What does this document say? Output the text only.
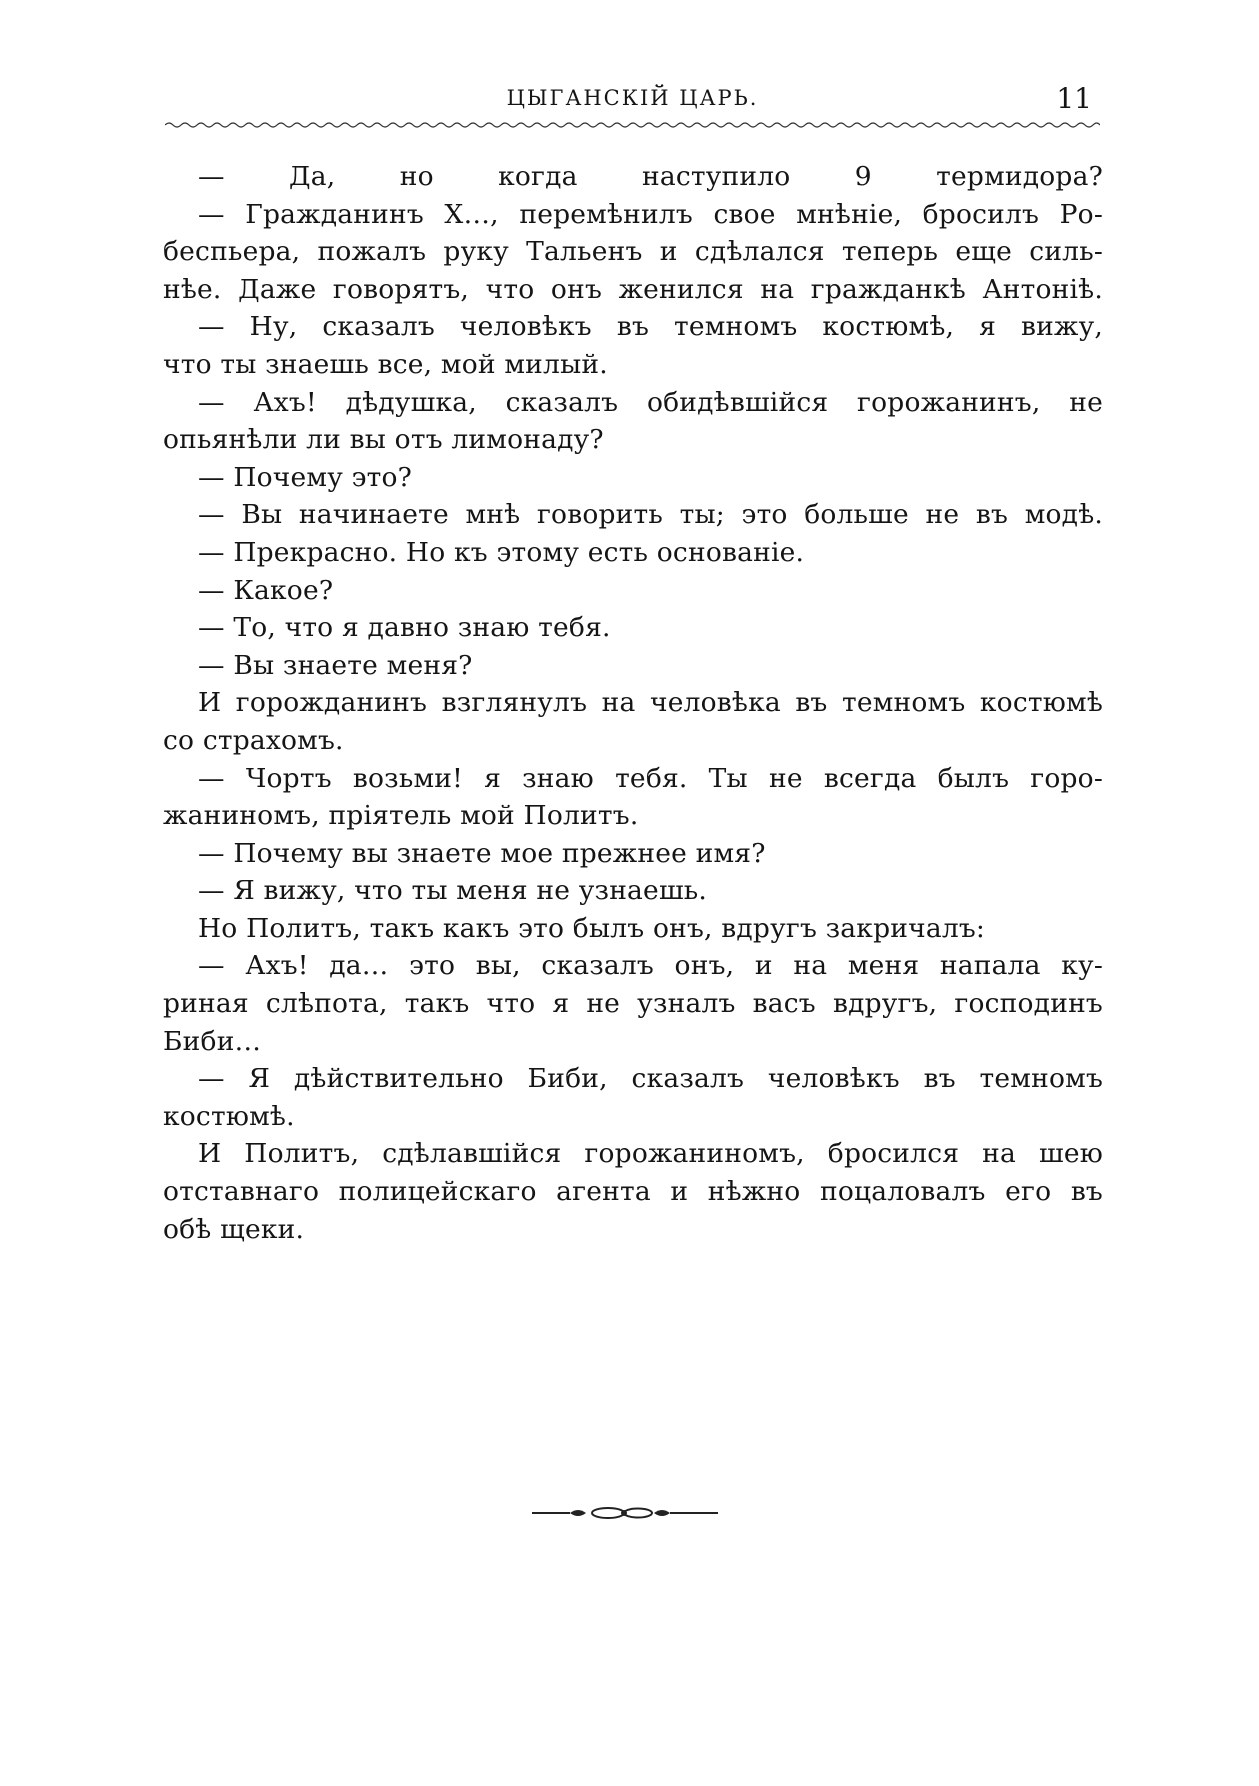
ЦЫГАНСКІЙ ЦАРЬ.	11
— Да, но когда наступило 9 термидора?
— Гражданинъ X…, перемѣнилъ свое мнѣніе, бросилъ Ро-
беспьера, пожалъ руку Тальенъ и сдѣлался теперь еще силь-
нѣе. Даже говорятъ, что онъ женился на гражданкѣ Антоніѣ.
— Ну, сказалъ человѣкъ въ темномъ костюмѣ, я вижу,
что ты знаешь все, мой милый.
— Ахъ! дѣдушка, сказалъ обидѣвшійся горожанинъ, не
опьянѣли ли вы отъ лимонаду?
— Почему это?
— Вы начинаете мнѣ говорить ты; это больше не въ модѣ.
— Прекрасно. Но къ этому есть основаніе.
— Какое?
— То, что я давно знаю тебя.
— Вы знаете меня?
И горожданинъ взглянулъ на человѣка въ темномъ костюмѣ
со страхомъ.
— Чортъ возьми! я знаю тебя. Ты не всегда былъ горо-
жаниномъ, пріятель мой Политъ.
— Почему вы знаете мое прежнее имя?
— Я вижу, что ты меня не узнаешь.
Но Политъ, такъ какъ это былъ онъ, вдругъ закричалъ:
— Ахъ! да… это вы, сказалъ онъ, и на меня напала ку-
риная слѣпота, такъ что я не узналъ васъ вдругъ, господинъ
Биби…
— Я дѣйствительно Биби, сказалъ человѣкъ въ темномъ
костюмѣ.
И Политъ, сдѣлавшійся горожаниномъ, бросился на шею
отставнаго полицейскаго агента и нѣжно поцаловалъ его въ
обѣ щеки.
